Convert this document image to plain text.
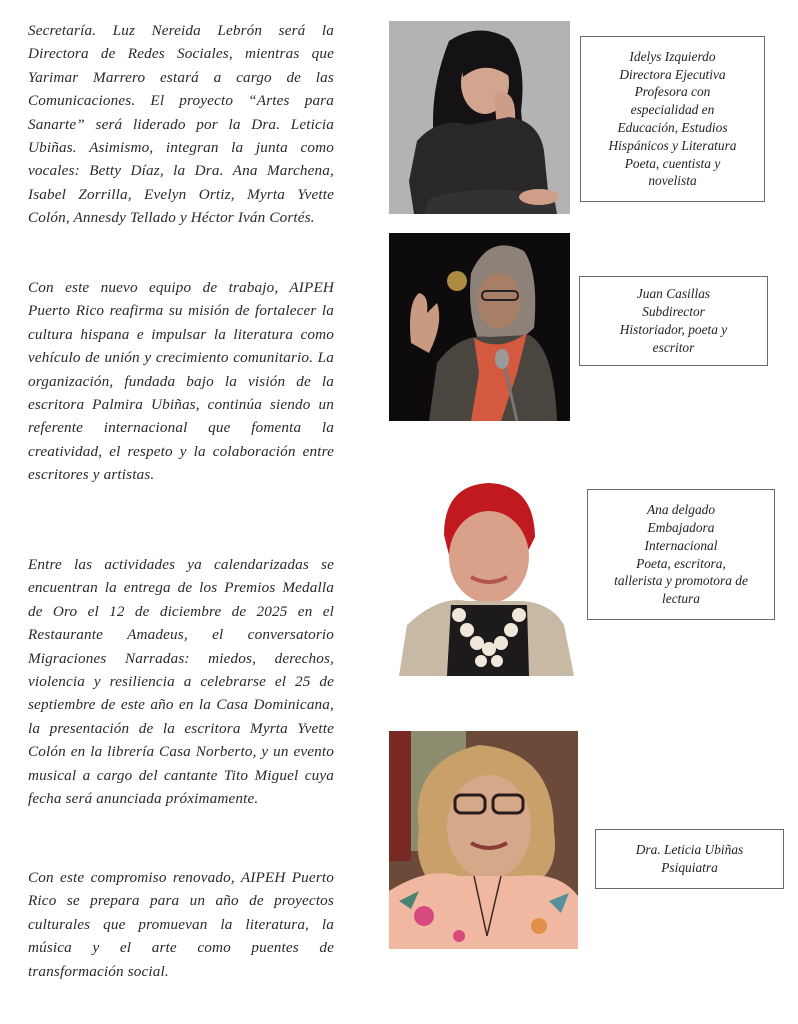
Secretaría. Luz Nereida Lebrón será la Directora de Redes Sociales, mientras que Yarimar Marrero estará a cargo de las Comunicaciones. El proyecto “Artes para Sanarte” será liderado por la Dra. Leticia Ubiñas. Asimismo, integran la junta como vocales: Betty Díaz, la Dra. Ana Marchena, Isabel Zorrilla, Evelyn Ortiz, Myrta Yvette Colón, Annesdy Tellado y Héctor Iván Cortés.

Con este nuevo equipo de trabajo, AIPEH Puerto Rico reafirma su misión de fortalecer la cultura hispana e impulsar la literatura como vehículo de unión y crecimiento comunitario. La organización, fundada bajo la visión de la escritora Palmira Ubiñas, continúa siendo un referente internacional que fomenta la creatividad, el respeto y la colaboración entre escritores y artistas.

Entre las actividades ya calendarizadas se encuentran la entrega de los Premios Medalla de Oro el 12 de diciembre de 2025 en el Restaurante Amadeus, el conversatorio Migraciones Narradas: miedos, derechos, violencia y resiliencia a celebrarse el 25 de septiembre de este año en la Casa Dominicana, la presentación de la escritora Myrta Yvette Colón en la librería Casa Norberto, y un evento musical a cargo del cantante Tito Miguel cuya fecha será anunciada próximamente.

Con este compromiso renovado, AIPEH Puerto Rico se prepara para un año de proyectos culturales que promuevan la literatura, la música y el arte como puentes de transformación social.

Idelys Izquierdo
Directora Ejecutiva
Profesora con
especialidad en
Educación, Estudios
Hispánicos y Literatura
Poeta, cuentista y
novelista
Juan Casillas
Subdirector
Historiador, poeta y
escritor
Ana delgado
Embajadora
Internacional
Poeta, escritora,
tallerista y promotora de
lectura
Dra. Leticia Ubiñas
Psiquiatra
